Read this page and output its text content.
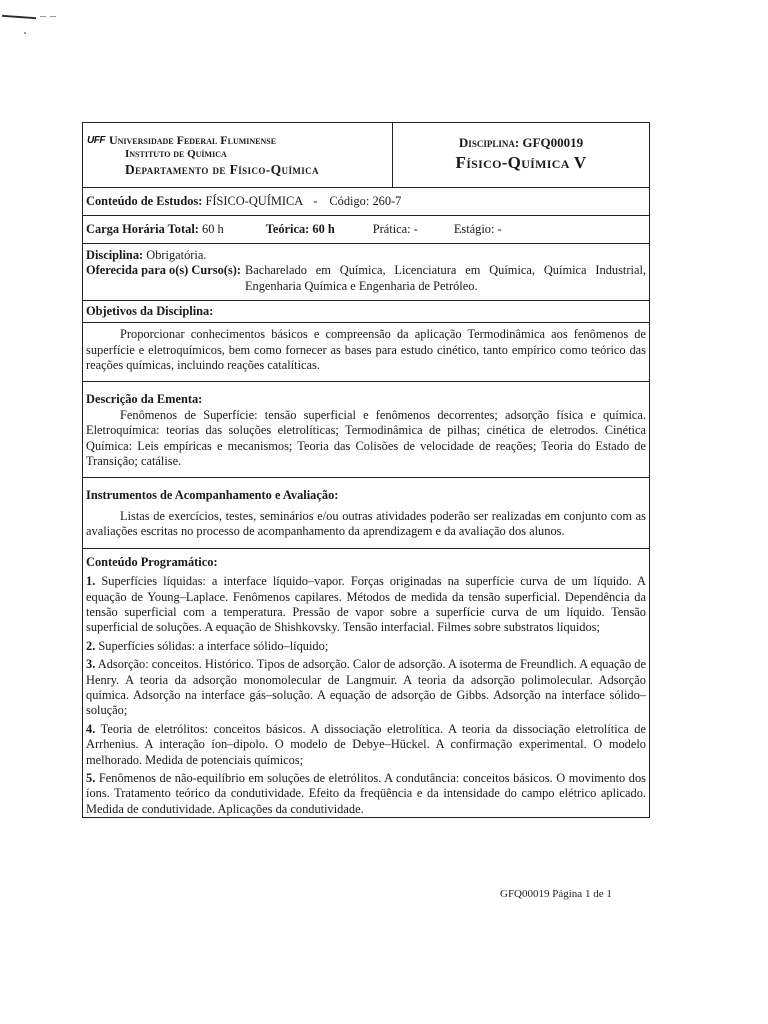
UFF Universidade Federal Fluminense
Instituto de Química
Departamento de Físico-Química
Disciplina: GFQ00019
Físico-Química V
Conteúdo de Estudos:
FÍSICO-QUÍMICA - Código:
260-7
Carga Horária Total:
60 h	Teórica: 60 h	Prática: -	Estágio: -
Disciplina: Obrigatória.
Oferecida para o(s) Curso(s): Bacharelado em Química, Licenciatura em Química, Química Industrial, Engenharia Química e Engenharia de Petróleo.
Objetivos da Disciplina:

Proporcionar conhecimentos básicos e compreensão da aplicação Termodinâmica aos fenômenos de superfície e eletroquímicos, bem como fornecer as bases para estudo cinético, tanto empírico como teórico das reações químicas, incluindo reações catalíticas.

Descrição da Ementa:

Fenômenos de Superfície: tensão superficial e fenômenos decorrentes; adsorção física e química. Eletroquímica: teorias das soluções eletrolíticas; Termodinâmica de pilhas; cinética de eletrodos. Cinética Química: Leis empíricas e mecanismos; Teoria das Colisões de velocidade de reações; Teoria do Estado de Transição; catálise.

Instrumentos de Acompanhamento e Avaliação:

Listas de exercícios, testes, seminários e/ou outras atividades poderão ser realizadas em conjunto com as avaliações escritas no processo de acompanhamento da aprendizagem e da avaliação dos alunos.

Conteúdo Programático:
1. Superfícies líquidas: a interface líquido–vapor. Forças originadas na superfície curva de um líquido. A equação de Young–Laplace. Fenômenos capilares. Métodos de medida da tensão superficial. Dependência da tensão superficial com a temperatura. Pressão de vapor sobre a superfície curva de um líquido. Tensão superficial de soluções. A equação de Shishkovsky. Tensão interfacial. Filmes sobre substratos líquidos;
2. Superfícies sólidas: a interface sólido–líquido;
3. Adsorção: conceitos. Histórico. Tipos de adsorção. Calor de adsorção. A isoterma de Freundlich. A equação de Henry. A teoria da adsorção monomolecular de Langmuir. A teoria da adsorção polimolecular. Adsorção química. Adsorção na interface gás–solução. A equação de adsorção de Gibbs. Adsorção na interface sólido–solução;
4. Teoria de eletrólitos: conceitos básicos. A dissociação eletrolítica. A teoria da dissociação eletrolítica de Arrhenius. A interação íon–dipolo. O modelo de Debye–Hückel. A confirmação experimental. O modelo melhorado. Medida de potenciais químicos;
5. Fenômenos de não-equilíbrio em soluções de eletrólitos. A condutância: conceitos básicos. O movimento dos íons. Tratamento teórico da condutividade. Efeito da freqüência e da intensidade do campo elétrico aplicado. Medida de condutividade. Aplicações da condutividade.
GFQ00019 Página 1 de 1
